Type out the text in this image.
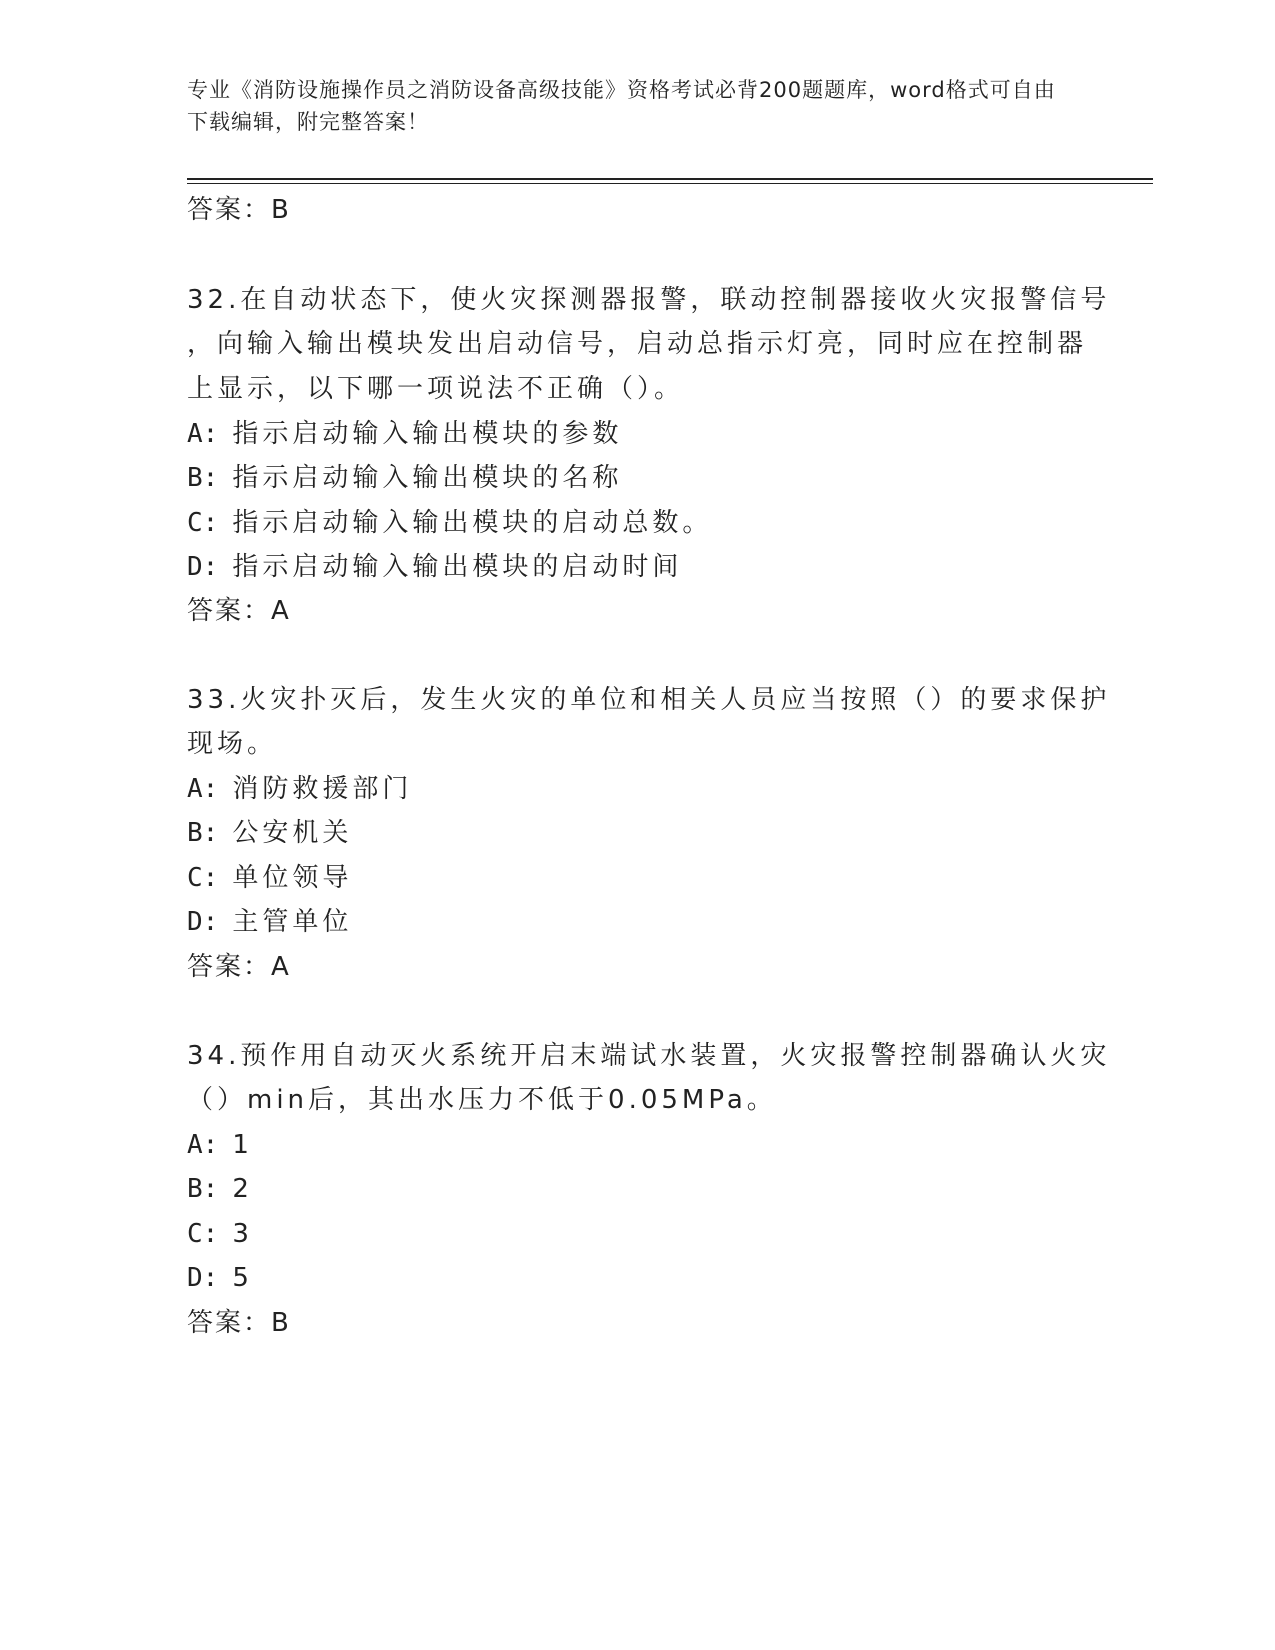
专业《消防设施操作员之消防设备高级技能》资格考试必背200题题库，word格式可自由下载编辑，附完整答案！
答案：B
32.在自动状态下，使火灾探测器报警，联动控制器接收火灾报警信号
，向输入输出模块发出启动信号，启动总指示灯亮，同时应在控制器
上显示，以下哪一项说法不正确（）。
A: 指示启动输入输出模块的参数
B: 指示启动输入输出模块的名称
C: 指示启动输入输出模块的启动总数。
D: 指示启动输入输出模块的启动时间
答案：A
33.火灾扑灭后，发生火灾的单位和相关人员应当按照（）的要求保护
现场。
A: 消防救援部门
B: 公安机关
C: 单位领导
D: 主管单位
答案：A
34.预作用自动灭火系统开启末端试水装置，火灾报警控制器确认火灾
（）min后，其出水压力不低于0.05MPa。
A: 1
B: 2
C: 3
D: 5
答案：B
